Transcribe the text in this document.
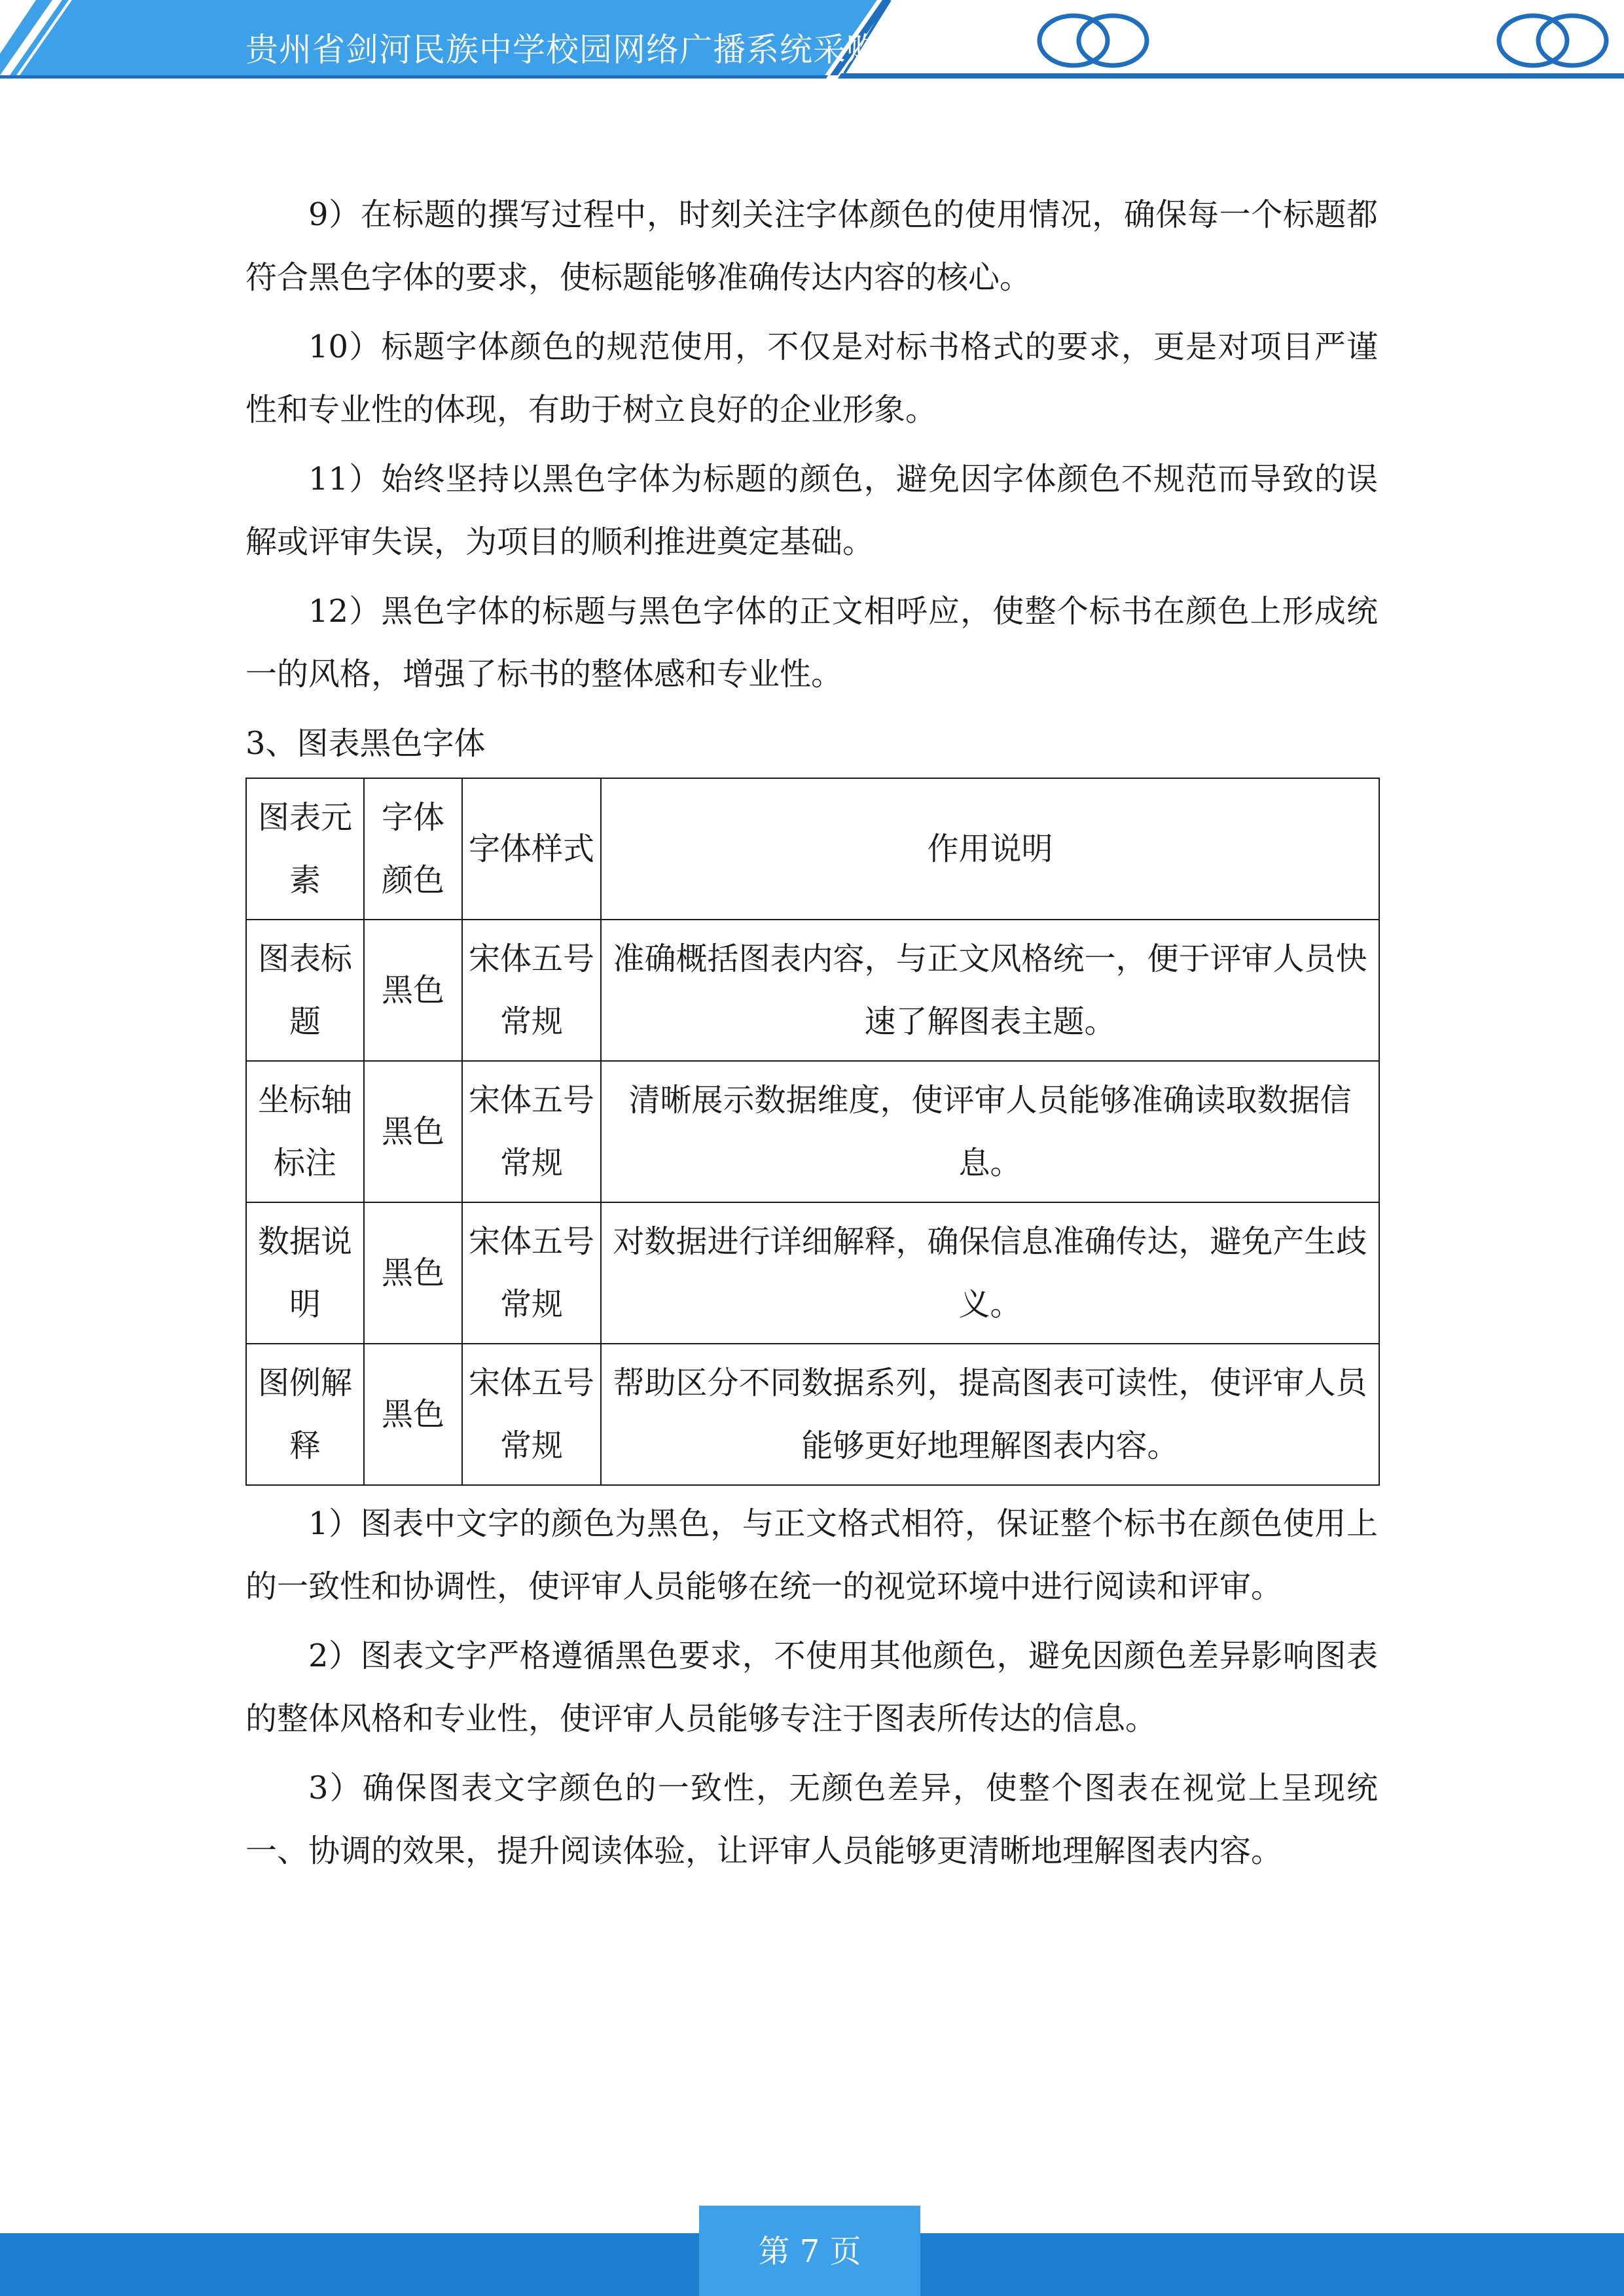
贵州省剑河民族中学校园网络广播系统采购

9）在标题的撰写过程中，时刻关注字体颜色的使用情况，确保每一个标题都符合黑色字体的要求，使标题能够准确传达内容的核心。

10）标题字体颜色的规范使用，不仅是对标书格式的要求，更是对项目严谨性和专业性的体现，有助于树立良好的企业形象。

11）始终坚持以黑色字体为标题的颜色，避免因字体颜色不规范而导致的误解或评审失误，为项目的顺利推进奠定基础。

12）黑色字体的标题与黑色字体的正文相呼应，使整个标书在颜色上形成统一的风格，增强了标书的整体感和专业性。

3、图表黑色字体
图表元素	字体颜色	字体样式	作用说明
图表标题	黑色	宋体五号常规	准确概括图表内容，与正文风格统一，便于评审人员快速了解图表主题。
坐标轴标注	黑色	宋体五号常规	清晰展示数据维度，使评审人员能够准确读取数据信息。
数据说明	黑色	宋体五号常规	对数据进行详细解释，确保信息准确传达，避免产生歧义。
图例解释	黑色	宋体五号常规	帮助区分不同数据系列，提高图表可读性，使评审人员能够更好地理解图表内容。

1）图表中文字的颜色为黑色，与正文格式相符，保证整个标书在颜色使用上的一致性和协调性，使评审人员能够在统一的视觉环境中进行阅读和评审。

2）图表文字严格遵循黑色要求，不使用其他颜色，避免因颜色差异影响图表的整体风格和专业性，使评审人员能够专注于图表所传达的信息。

3）确保图表文字颜色的一致性，无颜色差异，使整个图表在视觉上呈现统一、协调的效果，提升阅读体验，让评审人员能够更清晰地理解图表内容。

第 7 页
